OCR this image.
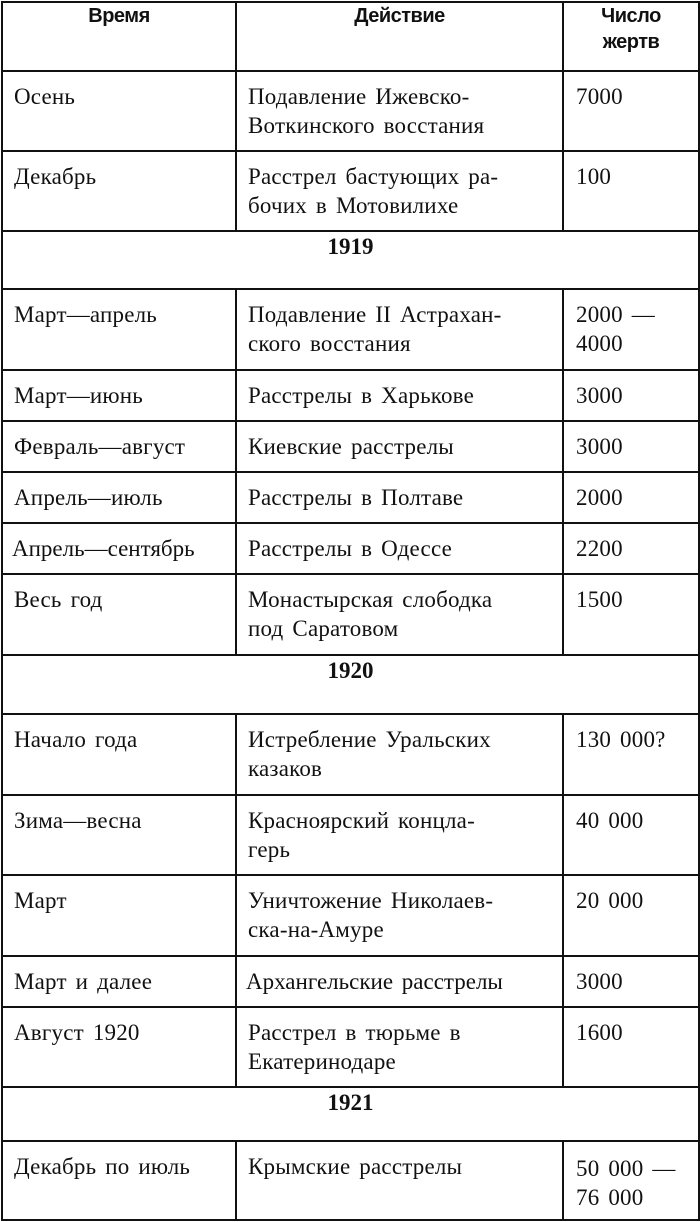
Время	Действие	Число
жертв

Осень	Подавление Ижевско-
Воткинского восстания	7000

Декабрь	Расстрел бастующих ра-
бочих в Мотовилихе	100

1919		

Март—апрель	Подавление II Астрахан-
ского восстания	2000 —
4000

Март—июнь	Расстрелы в Харькове	3000

Февраль—август	Киевские расстрелы	3000

Апрель—июль	Расстрелы в Полтаве	2000

Апрель—сентябрь	Расстрелы в Одессе	2200

Весь год	Монастырская слободка
под Саратовом	1500

1920		

Начало года	Истребление Уральских
казаков	130 000?

Зима—весна	Красноярский концла-
герь	40 000

Март	Уничтожение Николаев-
ска-на-Амуре	20 000

Март и далее	Архангельские расстрелы	3000

Август 1920	Расстрел в тюрьме в
Екатеринодаре	1600

1921		

Декабрь по июль	Крымские расстрелы	50 000 —
76 000
